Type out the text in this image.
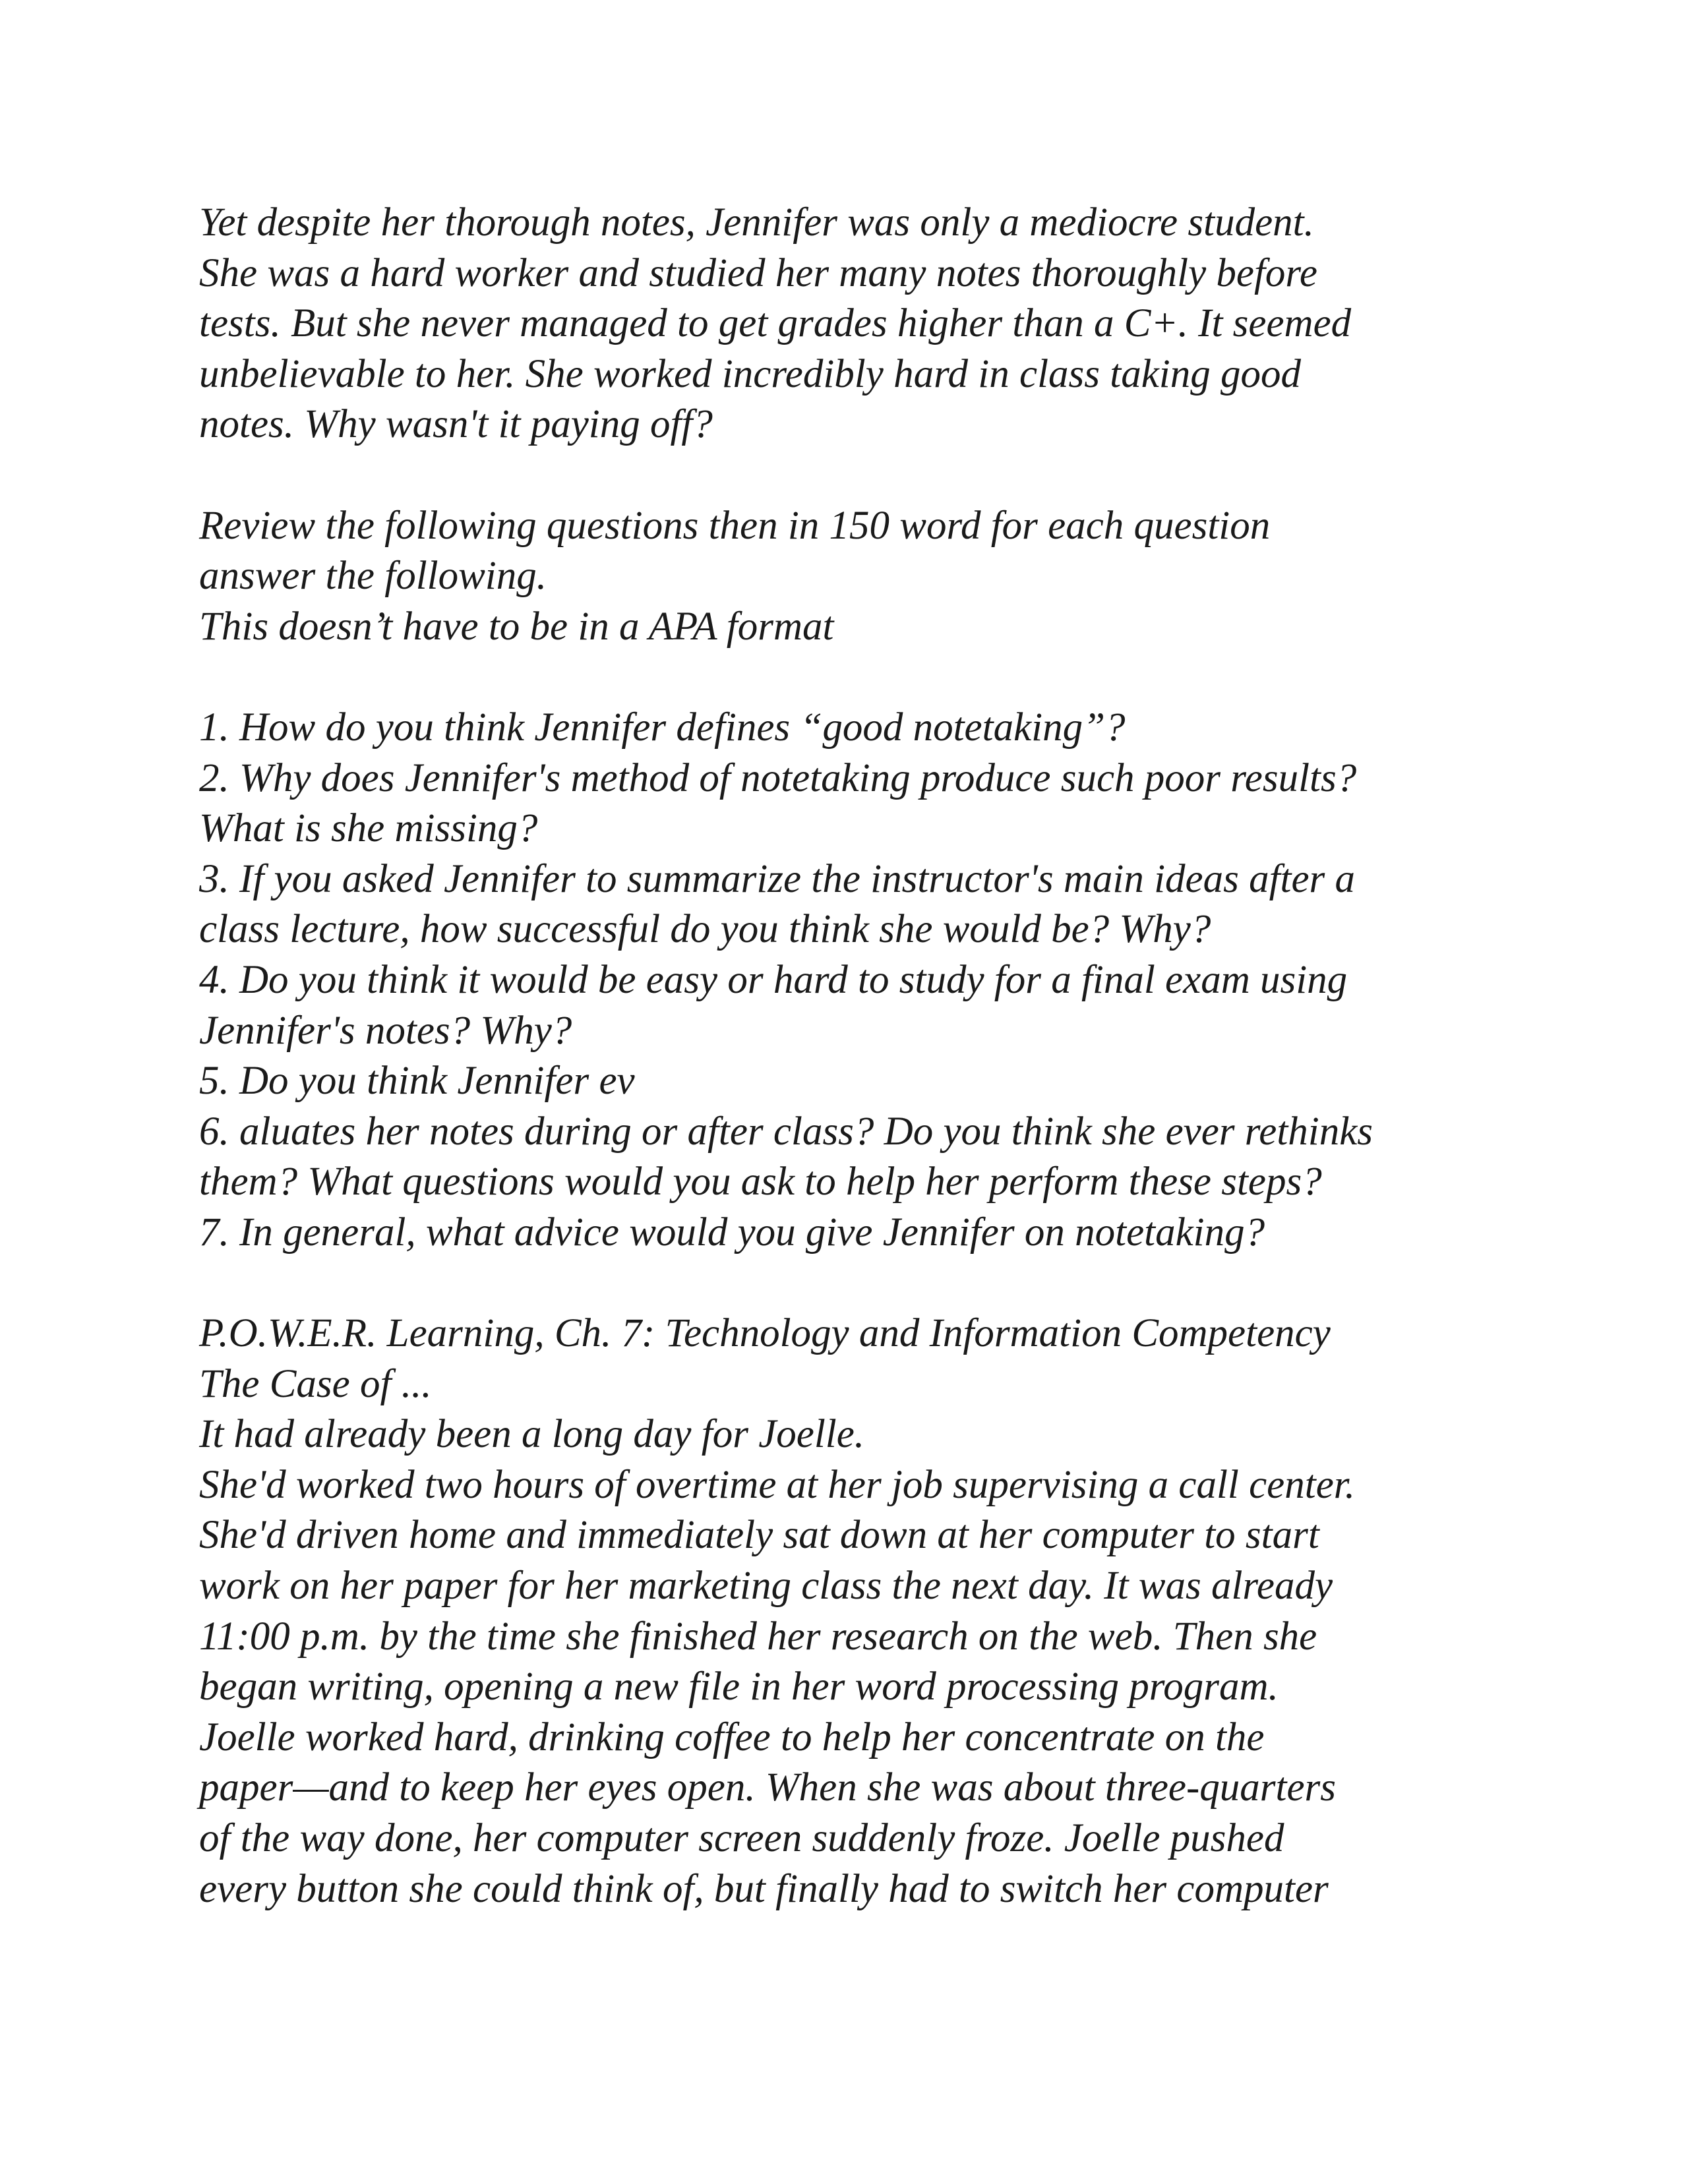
Yet despite her thorough notes, Jennifer was only a mediocre student.
She was a hard worker and studied her many notes thoroughly before
tests. But she never managed to get grades higher than a C+. It seemed
unbelievable to her. She worked incredibly hard in class taking good
notes. Why wasn't it paying off?
Review the following questions then in 150 word for each question
answer the following.
This doesn’t have to be in a APA format
1. How do you think Jennifer defines “good notetaking”?
2. Why does Jennifer's method of notetaking produce such poor results?
What is she missing?
3. If you asked Jennifer to summarize the instructor's main ideas after a
class lecture, how successful do you think she would be? Why?
4. Do you think it would be easy or hard to study for a final exam using
Jennifer's notes? Why?
5. Do you think Jennifer ev
6. aluates her notes during or after class? Do you think she ever rethinks
them? What questions would you ask to help her perform these steps?
7. In general, what advice would you give Jennifer on notetaking?
P.O.W.E.R. Learning, Ch. 7: Technology and Information Competency
The Case of ...
It had already been a long day for Joelle.
She'd worked two hours of overtime at her job supervising a call center.
She'd driven home and immediately sat down at her computer to start
work on her paper for her marketing class the next day. It was already
11:00 p.m. by the time she finished her research on the web. Then she
began writing, opening a new file in her word processing program.
Joelle worked hard, drinking coffee to help her concentrate on the
paper—and to keep her eyes open. When she was about three-quarters
of the way done, her computer screen suddenly froze. Joelle pushed
every button she could think of, but finally had to switch her computer
